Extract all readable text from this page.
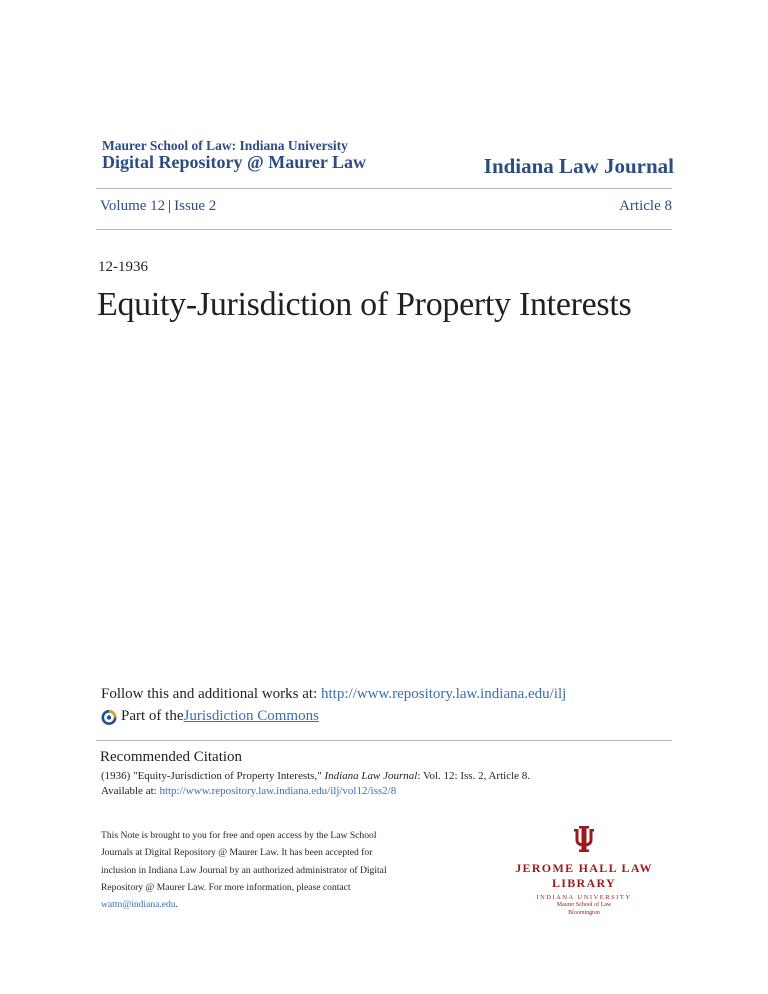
Maurer School of Law: Indiana University
Digital Repository @ Maurer Law	Indiana Law Journal
Volume 12 | Issue 2	Article 8
12-1936
Equity-Jurisdiction of Property Interests
Follow this and additional works at: http://www.repository.law.indiana.edu/ilj
Part of the Jurisdiction Commons
Recommended Citation
(1936) "Equity-Jurisdiction of Property Interests," Indiana Law Journal: Vol. 12: Iss. 2, Article 8.
Available at: http://www.repository.law.indiana.edu/ilj/vol12/iss2/8
This Note is brought to you for free and open access by the Law School
Journals at Digital Repository @ Maurer Law. It has been accepted for
inclusion in Indiana Law Journal by an authorized administrator of Digital
Repository @ Maurer Law. For more information, please contact
wattn@indiana.edu.
JEROME HALL LAW LIBRARY
INDIANA UNIVERSITY
Maurer School of Law
Bloomington
